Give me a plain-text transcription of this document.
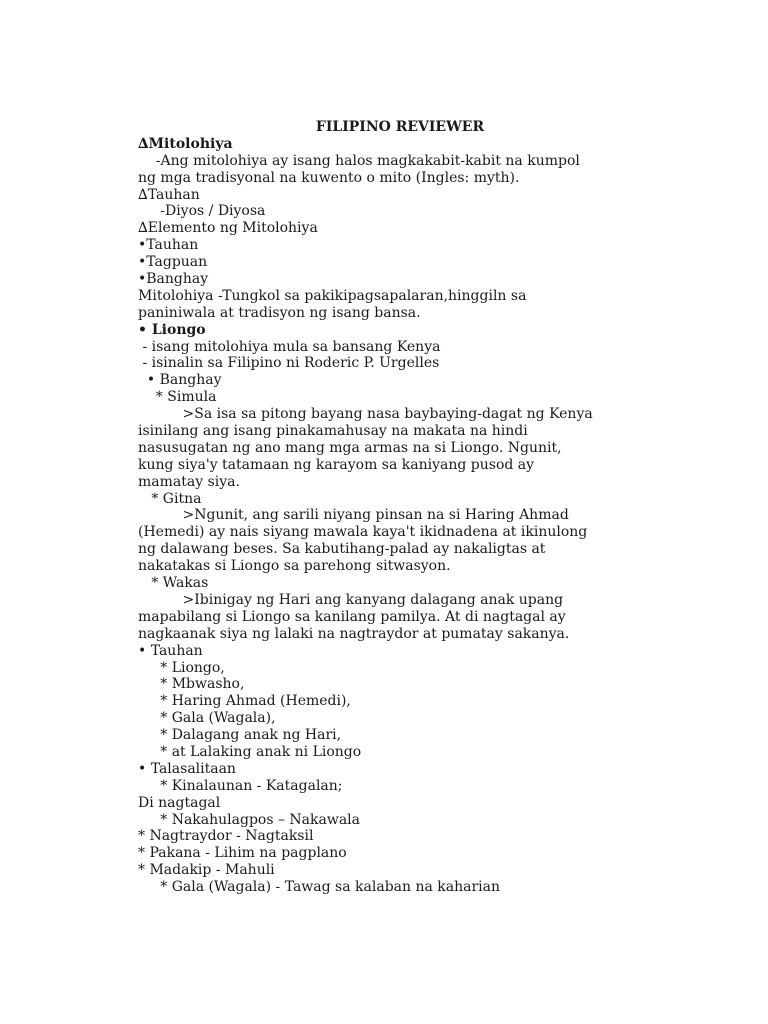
FILIPINO REVIEWER
∆Mitolohiya
-Ang mitolohiya ay isang halos magkakabit-kabit na kumpol
ng mga tradisyonal na kuwento o mito (Ingles: myth).
∆Tauhan
-Diyos / Diyosa
∆Elemento ng Mitolohiya
•Tauhan
•Tagpuan
•Banghay
Mitolohiya -Tungkol sa pakikipagsapalaran,hinggiln sa
paniniwala at tradisyon ng isang bansa.
• Liongo
- isang mitolohiya mula sa bansang Kenya
- isinalin sa Filipino ni Roderic P. Urgelles
• Banghay
* Simula
>Sa isa sa pitong bayang nasa baybaying-dagat ng Kenya
isinilang ang isang pinakamahusay na makata na hindi
nasusugatan ng ano mang mga armas na si Liongo. Ngunit,
kung siya'y tatamaan ng karayom sa kaniyang pusod ay
mamatay siya.
* Gitna
>Ngunit, ang sarili niyang pinsan na si Haring Ahmad
(Hemedi) ay nais siyang mawala kaya't ikidnadena at ikinulong
ng dalawang beses. Sa kabutihang-palad ay nakaligtas at
nakatakas si Liongo sa parehong sitwasyon.
* Wakas
>Ibinigay ng Hari ang kanyang dalagang anak upang
mapabilang si Liongo sa kanilang pamilya. At di nagtagal ay
nagkaanak siya ng lalaki na nagtraydor at pumatay sakanya.
• Tauhan
* Liongo,
* Mbwasho,
* Haring Ahmad (Hemedi),
* Gala (Wagala),
* Dalagang anak ng Hari,
* at Lalaking anak ni Liongo
• Talasalitaan
* Kinalaunan - Katagalan;
Di nagtagal
* Nakahulagpos – Nakawala
* Nagtraydor - Nagtaksil
* Pakana - Lihim na pagplano
* Madakip - Mahuli
* Gala (Wagala) - Tawag sa kalaban na kaharian
